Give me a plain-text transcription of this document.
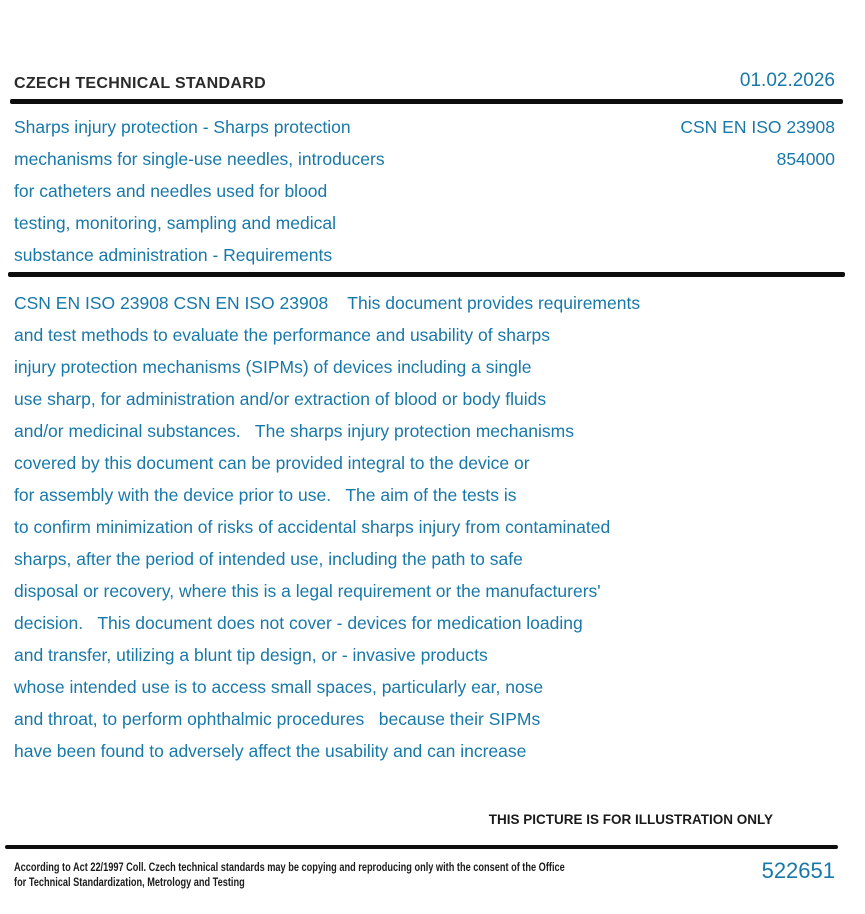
CZECH TECHNICAL STANDARD	01.02.2026
Sharps injury protection - Sharps protection
mechanisms for single-use needles, introducers
for catheters and needles used for blood
testing, monitoring, sampling and medical
substance administration - Requirements
CSN EN ISO 23908
854000
CSN EN ISO 23908 CSN EN ISO 23908    This document provides requirements
and test methods to evaluate the performance and usability of sharps
injury protection mechanisms (SIPMs) of devices including a single
use sharp, for administration and/or extraction of blood or body fluids
and/or medicinal substances.   The sharps injury protection mechanisms
covered by this document can be provided integral to the device or
for assembly with the device prior to use.   The aim of the tests is
to confirm minimization of risks of accidental sharps injury from contaminated
sharps, after the period of intended use, including the path to safe
disposal or recovery, where this is a legal requirement or the manufacturers'
decision.   This document does not cover - devices for medication loading
and transfer, utilizing a blunt tip design, or - invasive products
whose intended use is to access small spaces, particularly ear, nose
and throat, to perform ophthalmic procedures   because their SIPMs
have been found to adversely affect the usability and can increase
THIS PICTURE IS FOR ILLUSTRATION ONLY
According to Act 22/1997 Coll. Czech technical standards may be copying and reproducing only with the consent of the Office
for Technical Standardization, Metrology and Testing	522651
